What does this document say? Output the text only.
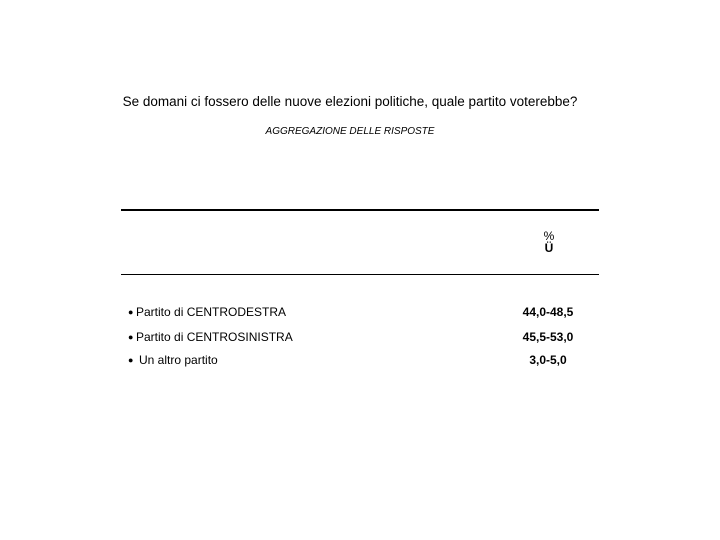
Se domani ci fossero delle nuove elezioni politiche, quale partito voterebbe?
AGGREGAZIONE DELLE RISPOSTE
%
Ü
● Partito di CENTRODESTRA	44,0-48,5
● Partito di CENTROSINISTRA	45,5-53,0
● Un altro partito	3,0-5,0
